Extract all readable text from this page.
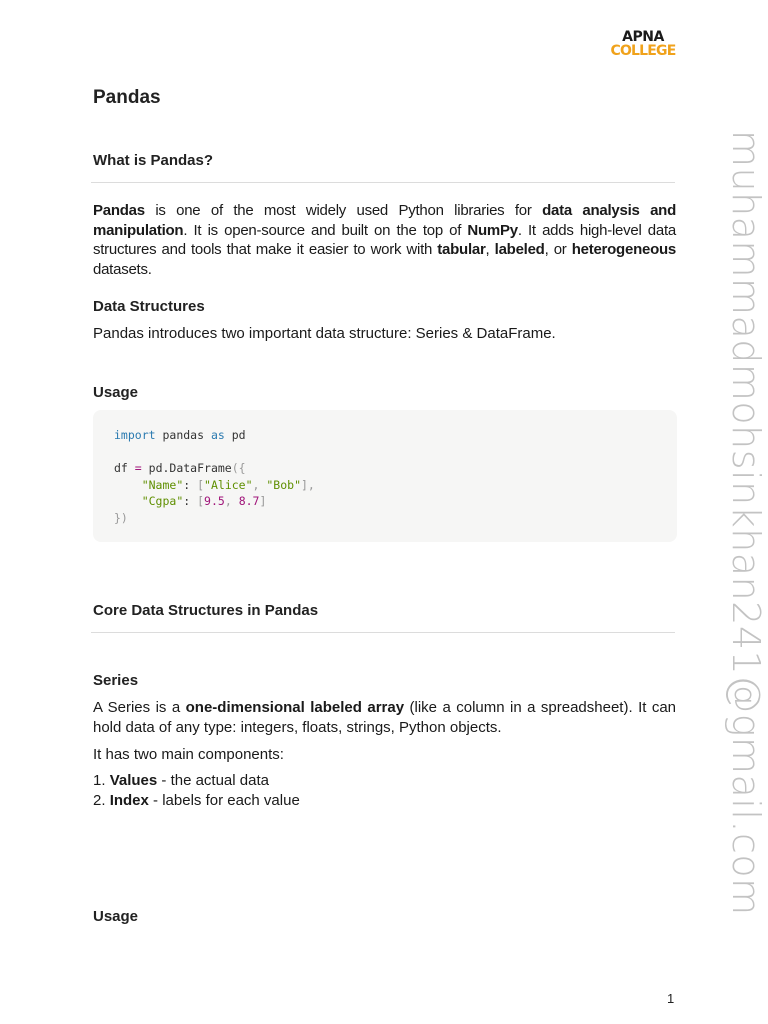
APNA
COLLEGE
Pandas
What is Pandas?
Pandas is one of the most widely used Python libraries for data analysis and manipulation. It is open-source and built on the top of NumPy. It adds high-level data structures and tools that make it easier to work with tabular, labeled, or heterogeneous datasets.
Data Structures
Pandas introduces two important data structure: Series & DataFrame.
Usage
import pandas as pd

df = pd.DataFrame({
"Name": ["Alice", "Bob"],
"Cgpa": [9.5, 8.7]
})
Core Data Structures in Pandas
Series
A Series is a one-dimensional labeled array (like a column in a spreadsheet). It can hold data of any type: integers, floats, strings, Python objects.
It has two main components:
1. Values - the actual data
2. Index - labels for each value
Usage
muhammadmohsinkhan241@gmail.com
1
